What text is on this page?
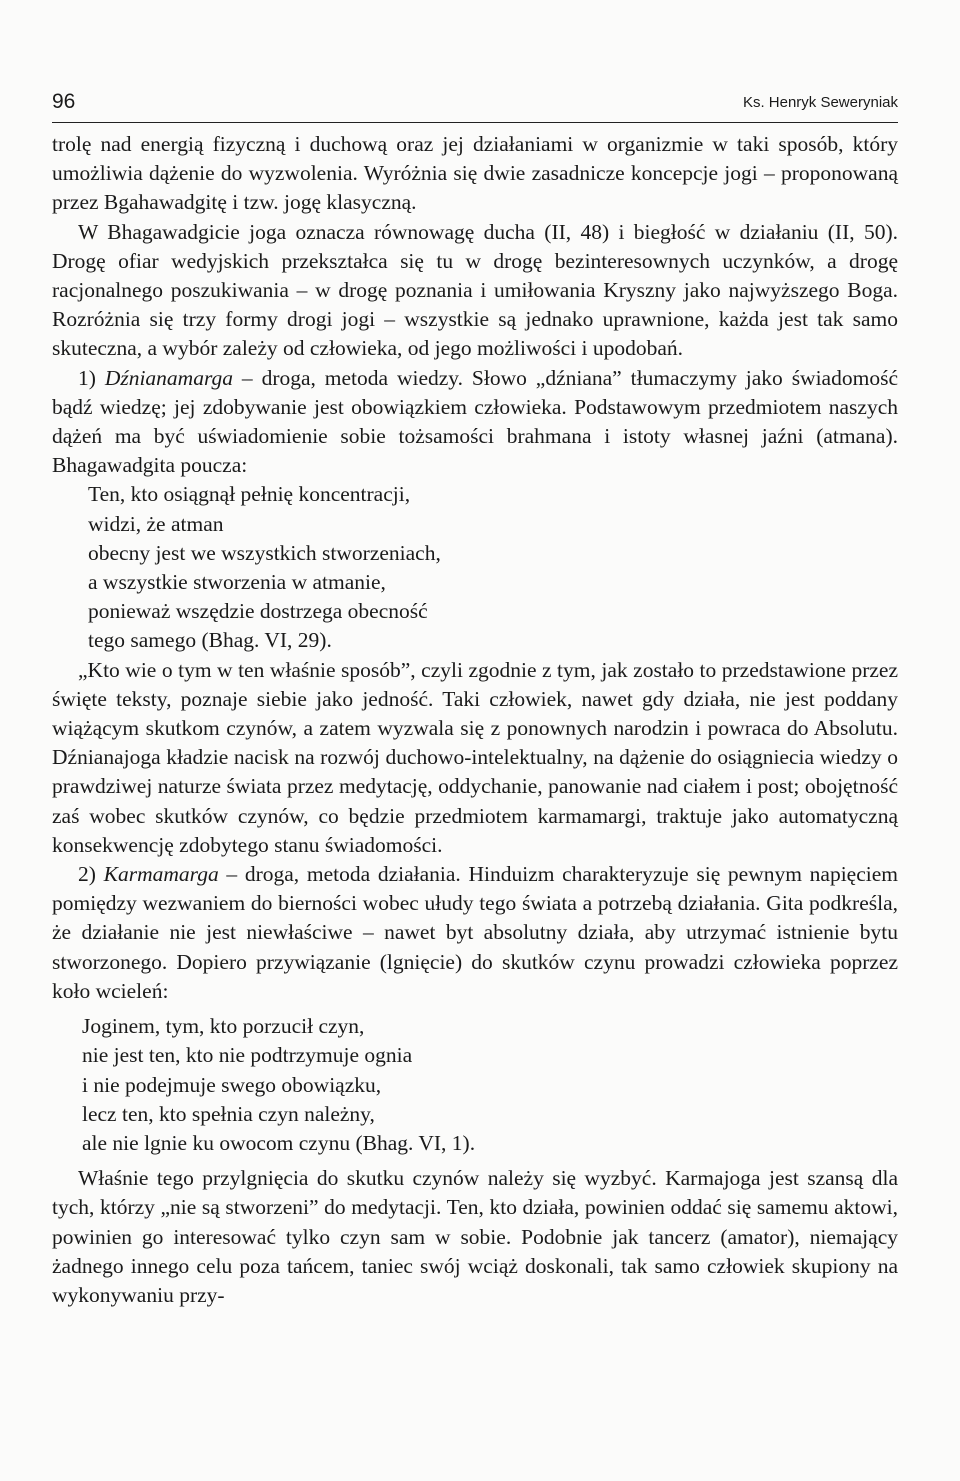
96	Ks. Henryk Seweryniak

trolę nad energią fizyczną i duchową oraz jej działaniami w organizmie w taki sposób, który umożliwia dążenie do wyzwolenia. Wyróżnia się dwie zasadnicze koncepcje jogi – proponowaną przez Bgahawadgitę i tzw. jogę klasyczną.

W Bhagawadgicie joga oznacza równowagę ducha (II, 48) i biegłość w działaniu (II, 50). Drogę ofiar wedyjskich przekształca się tu w drogę bezinteresownych uczynków, a drogę racjonalnego poszukiwania – w drogę poznania i umiłowania Kryszny jako najwyższego Boga. Rozróżnia się trzy formy drogi jogi – wszystkie są jednako uprawnione, każda jest tak samo skuteczna, a wybór zależy od człowieka, od jego możliwości i upodobań.

1) Dźnianamarga – droga, metoda wiedzy. Słowo „dźniana” tłumaczymy jako świadomość bądź wiedzę; jej zdobywanie jest obowiązkiem człowieka. Podstawowym przedmiotem naszych dążeń ma być uświadomienie sobie tożsamości brahmana i istoty własnej jaźni (atmana). Bhagawadgita poucza:

Ten, kto osiągnął pełnię koncentracji,
widzi, że atman
obecny jest we wszystkich stworzeniach,
a wszystkie stworzenia w atmanie,
ponieważ wszędzie dostrzega obecność
tego samego (Bhag. VI, 29).

„Kto wie o tym w ten właśnie sposób”, czyli zgodnie z tym, jak zostało to przedstawione przez święte teksty, poznaje siebie jako jedność. Taki człowiek, nawet gdy działa, nie jest poddany wiążącym skutkom czynów, a zatem wyzwala się z ponownych narodzin i powraca do Absolutu. Dźnianajoga kładzie nacisk na rozwój duchowo-intelektualny, na dążenie do osiągniecia wiedzy o prawdziwej naturze świata przez medytację, oddychanie, panowanie nad ciałem i post; obojętność zaś wobec skutków czynów, co będzie przedmiotem karmamargi, traktuje jako automatyczną konsekwencję zdobytego stanu świadomości.

2) Karmamarga – droga, metoda działania. Hinduizm charakteryzuje się pewnym napięciem pomiędzy wezwaniem do bierności wobec ułudy tego świata a potrzebą działania. Gita podkreśla, że działanie nie jest niewłaściwe – nawet byt absolutny działa, aby utrzymać istnienie bytu stworzonego. Dopiero przywiązanie (lgnięcie) do skutków czynu prowadzi człowieka poprzez koło wcieleń:

Joginem, tym, kto porzucił czyn,
nie jest ten, kto nie podtrzymuje ognia
i nie podejmuje swego obowiązku,
lecz ten, kto spełnia czyn należny,
ale nie lgnie ku owocom czynu (Bhag. VI, 1).

Właśnie tego przylgnięcia do skutku czynów należy się wyzbyć. Karmajoga jest szansą dla tych, którzy „nie są stworzeni” do medytacji. Ten, kto działa, powinien oddać się samemu aktowi, powinien go interesować tylko czyn sam w sobie. Podobnie jak tancerz (amator), niemający żadnego innego celu poza tańcem, taniec swój wciąż doskonali, tak samo człowiek skupiony na wykonywaniu przy-
